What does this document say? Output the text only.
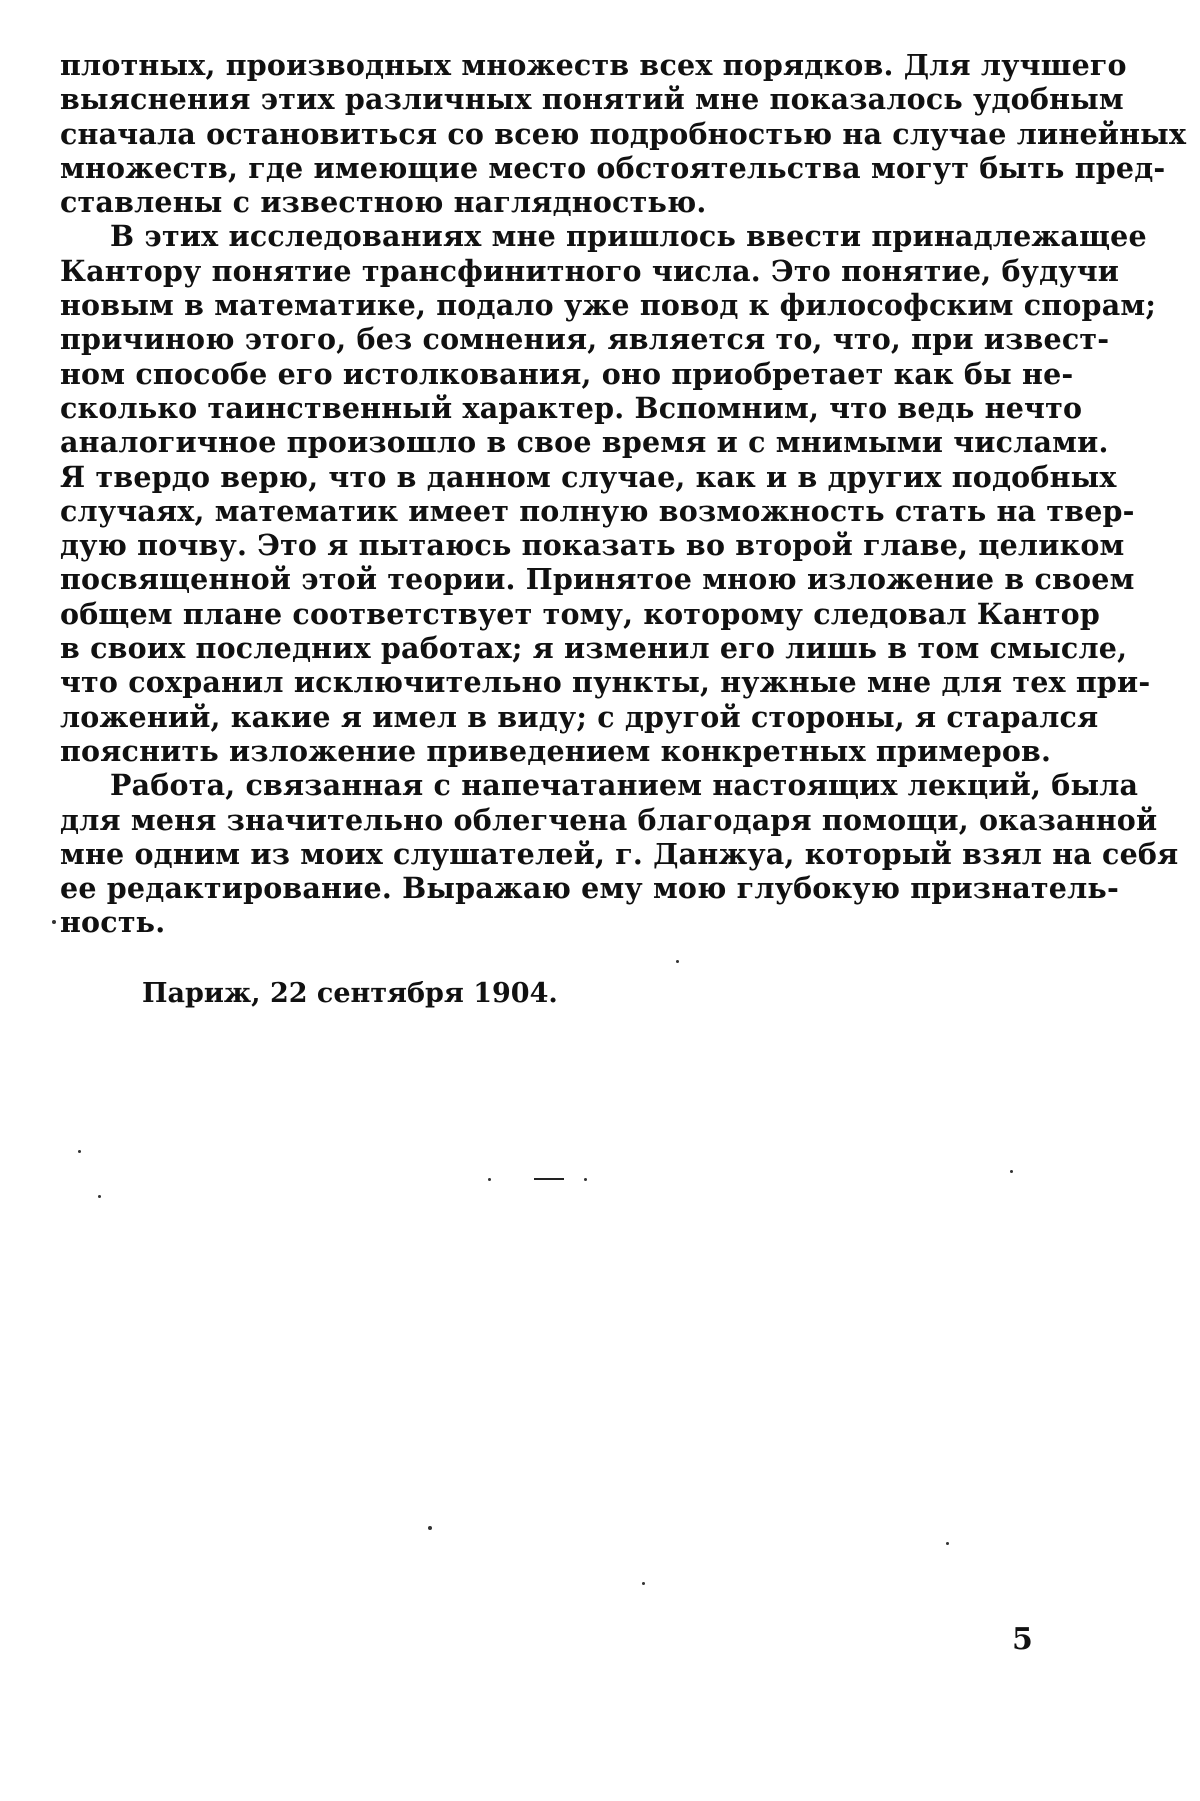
плотных, производных множеств всех порядков. Для лучшего
выяснения этих различных понятий мне показалось удобным
сначала остановиться со всею подробностью на случае линейных
множеств, где имеющие место обстоятельства могут быть пред-
ставлены с известною наглядностью.

В этих исследованиях мне пришлось ввести принадлежащее
Кантору понятие трансфинитного числа. Это понятие, будучи
новым в математике, подало уже повод к философским спорам;
причиною этого, без сомнения, является то, что, при извест-
ном способе его истолкования, оно приобретает как бы не-
сколько таинственный характер. Вспомним, что ведь нечто
аналогичное произошло в свое время и с мнимыми числами.
Я твердо верю, что в данном случае, как и в других подобных
случаях, математик имеет полную возможность стать на твер-
дую почву. Это я пытаюсь показать во второй главе, целиком
посвященной этой теории. Принятое мною изложение в своем
общем плане соответствует тому, которому следовал Кантор
в своих последних работах; я изменил его лишь в том смысле,
что сохранил исключительно пункты, нужные мне для тех при-
ложений, какие я имел в виду; с другой стороны, я старался
пояснить изложение приведением конкретных примеров.

Работа, связанная с напечатанием настоящих лекций, была
для меня значительно облегчена благодаря помощи, оказанной
мне одним из моих слушателей, г. Данжуа, который взял на себя
ее редактирование. Выражаю ему мою глубокую признатель-
ность.

Париж, 22 сентября 1904.
5
